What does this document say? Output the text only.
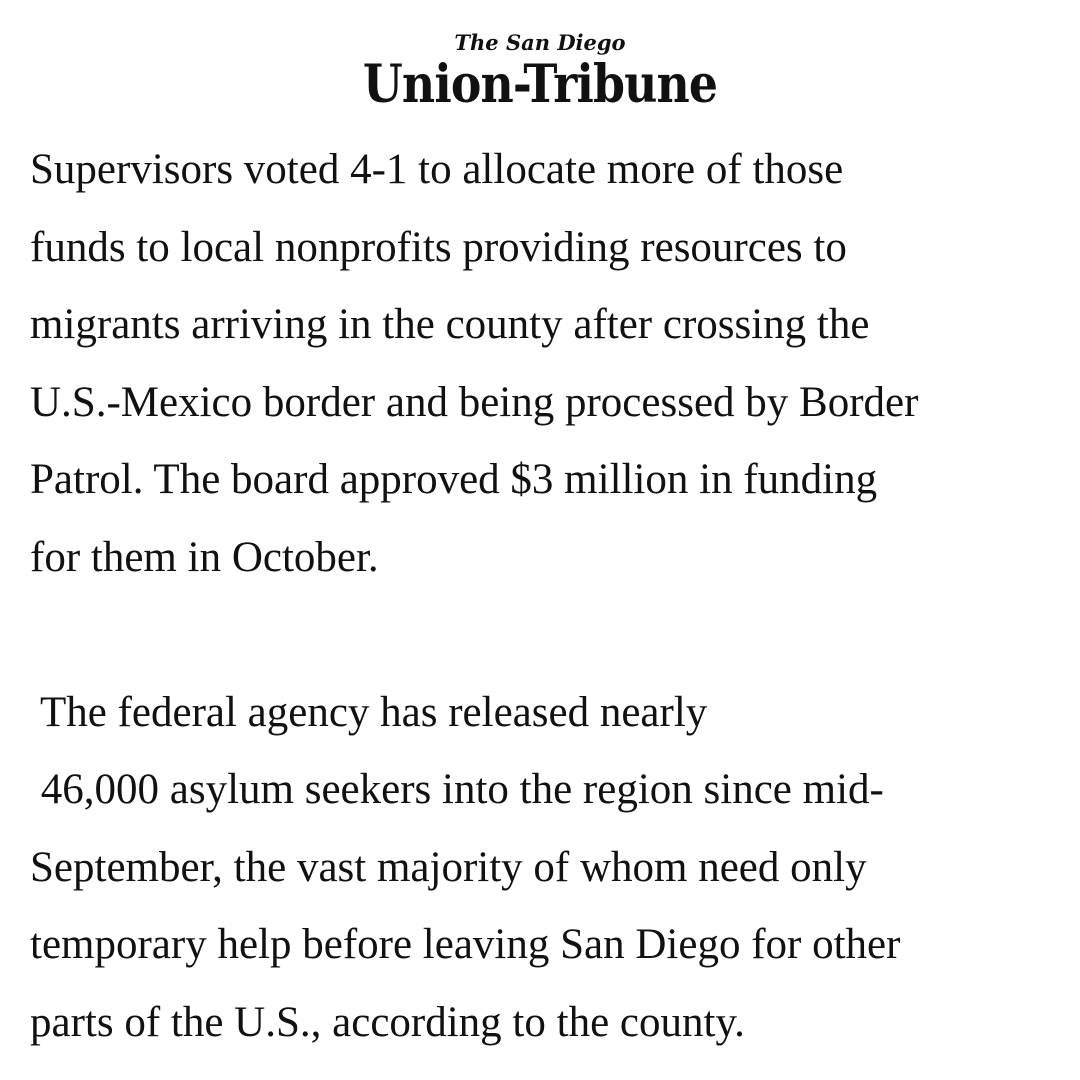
The San Diego
Union-Tribune
Supervisors voted 4-1 to allocate more of those
funds to local nonprofits providing resources to
migrants arriving in the county after crossing the
U.S.-Mexico border and being processed by Border
Patrol. The board approved $3 million in funding
for them in October.
The federal agency has released nearly
46,000 asylum seekers into the region since mid-
September, the vast majority of whom need only
temporary help before leaving San Diego for other
parts of the U.S., according to the county.
